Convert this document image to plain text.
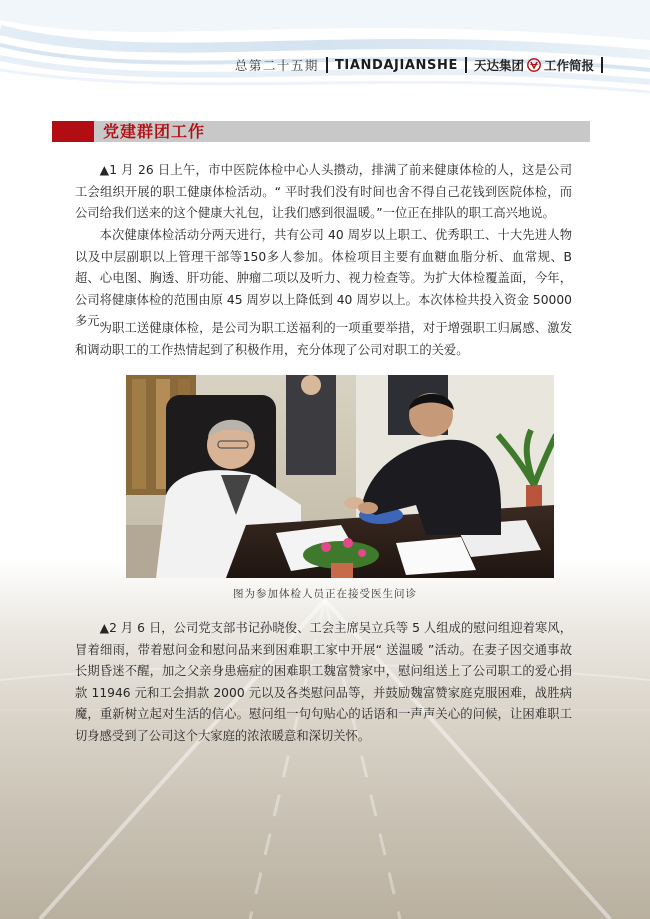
总第二十五期 TIANDAJIANSHE 天达集团 工作简报
党建群团工作

▲1 月 26 日上午，市中医院体检中心人头攒动，排满了前来健康体检的人，这是公司工会组织开展的职工健康体检活动。“ 平时我们没有时间也舍不得自己花钱到医院体检，而公司给我们送来的这个健康大礼包，让我们感到很温暖。”一位正在排队的职工高兴地说。

本次健康体检活动分两天进行，共有公司 40 周岁以上职工、优秀职工、十大先进人物以及中层副职以上管理干部等150多人参加。体检项目主要有血糖血脂分析、血常规、B超、心电图、胸透、肝功能、肿瘤二项以及听力、视力检查等。为扩大体检覆盖面，今年，公司将健康体检的范围由原 45 周岁以上降低到 40 周岁以上。本次体检共投入资金 50000 多元。

为职工送健康体检，是公司为职工送福利的一项重要举措，对于增强职工归属感、激发和调动职工的工作热情起到了积极作用，充分体现了公司对职工的关爱。

图为参加体检人员正在接受医生问诊

▲2 月 6 日，公司党支部书记孙晓俊、工会主席吴立兵等 5 人组成的慰问组迎着寒风，冒着细雨，带着慰问金和慰问品来到困难职工家中开展“ 送温暖 ”活动。在妻子因交通事故长期昏迷不醒，加之父亲身患癌症的困难职工魏富赞家中，慰问组送上了公司职工的爱心捐款 11946 元和工会捐款 2000 元以及各类慰问品等，并鼓励魏富赞家庭克服困难，战胜病魔，重新树立起对生活的信心。慰问组一句句贴心的话语和一声声关心的问候，让困难职工切身感受到了公司这个大家庭的浓浓暖意和深切关怀。
